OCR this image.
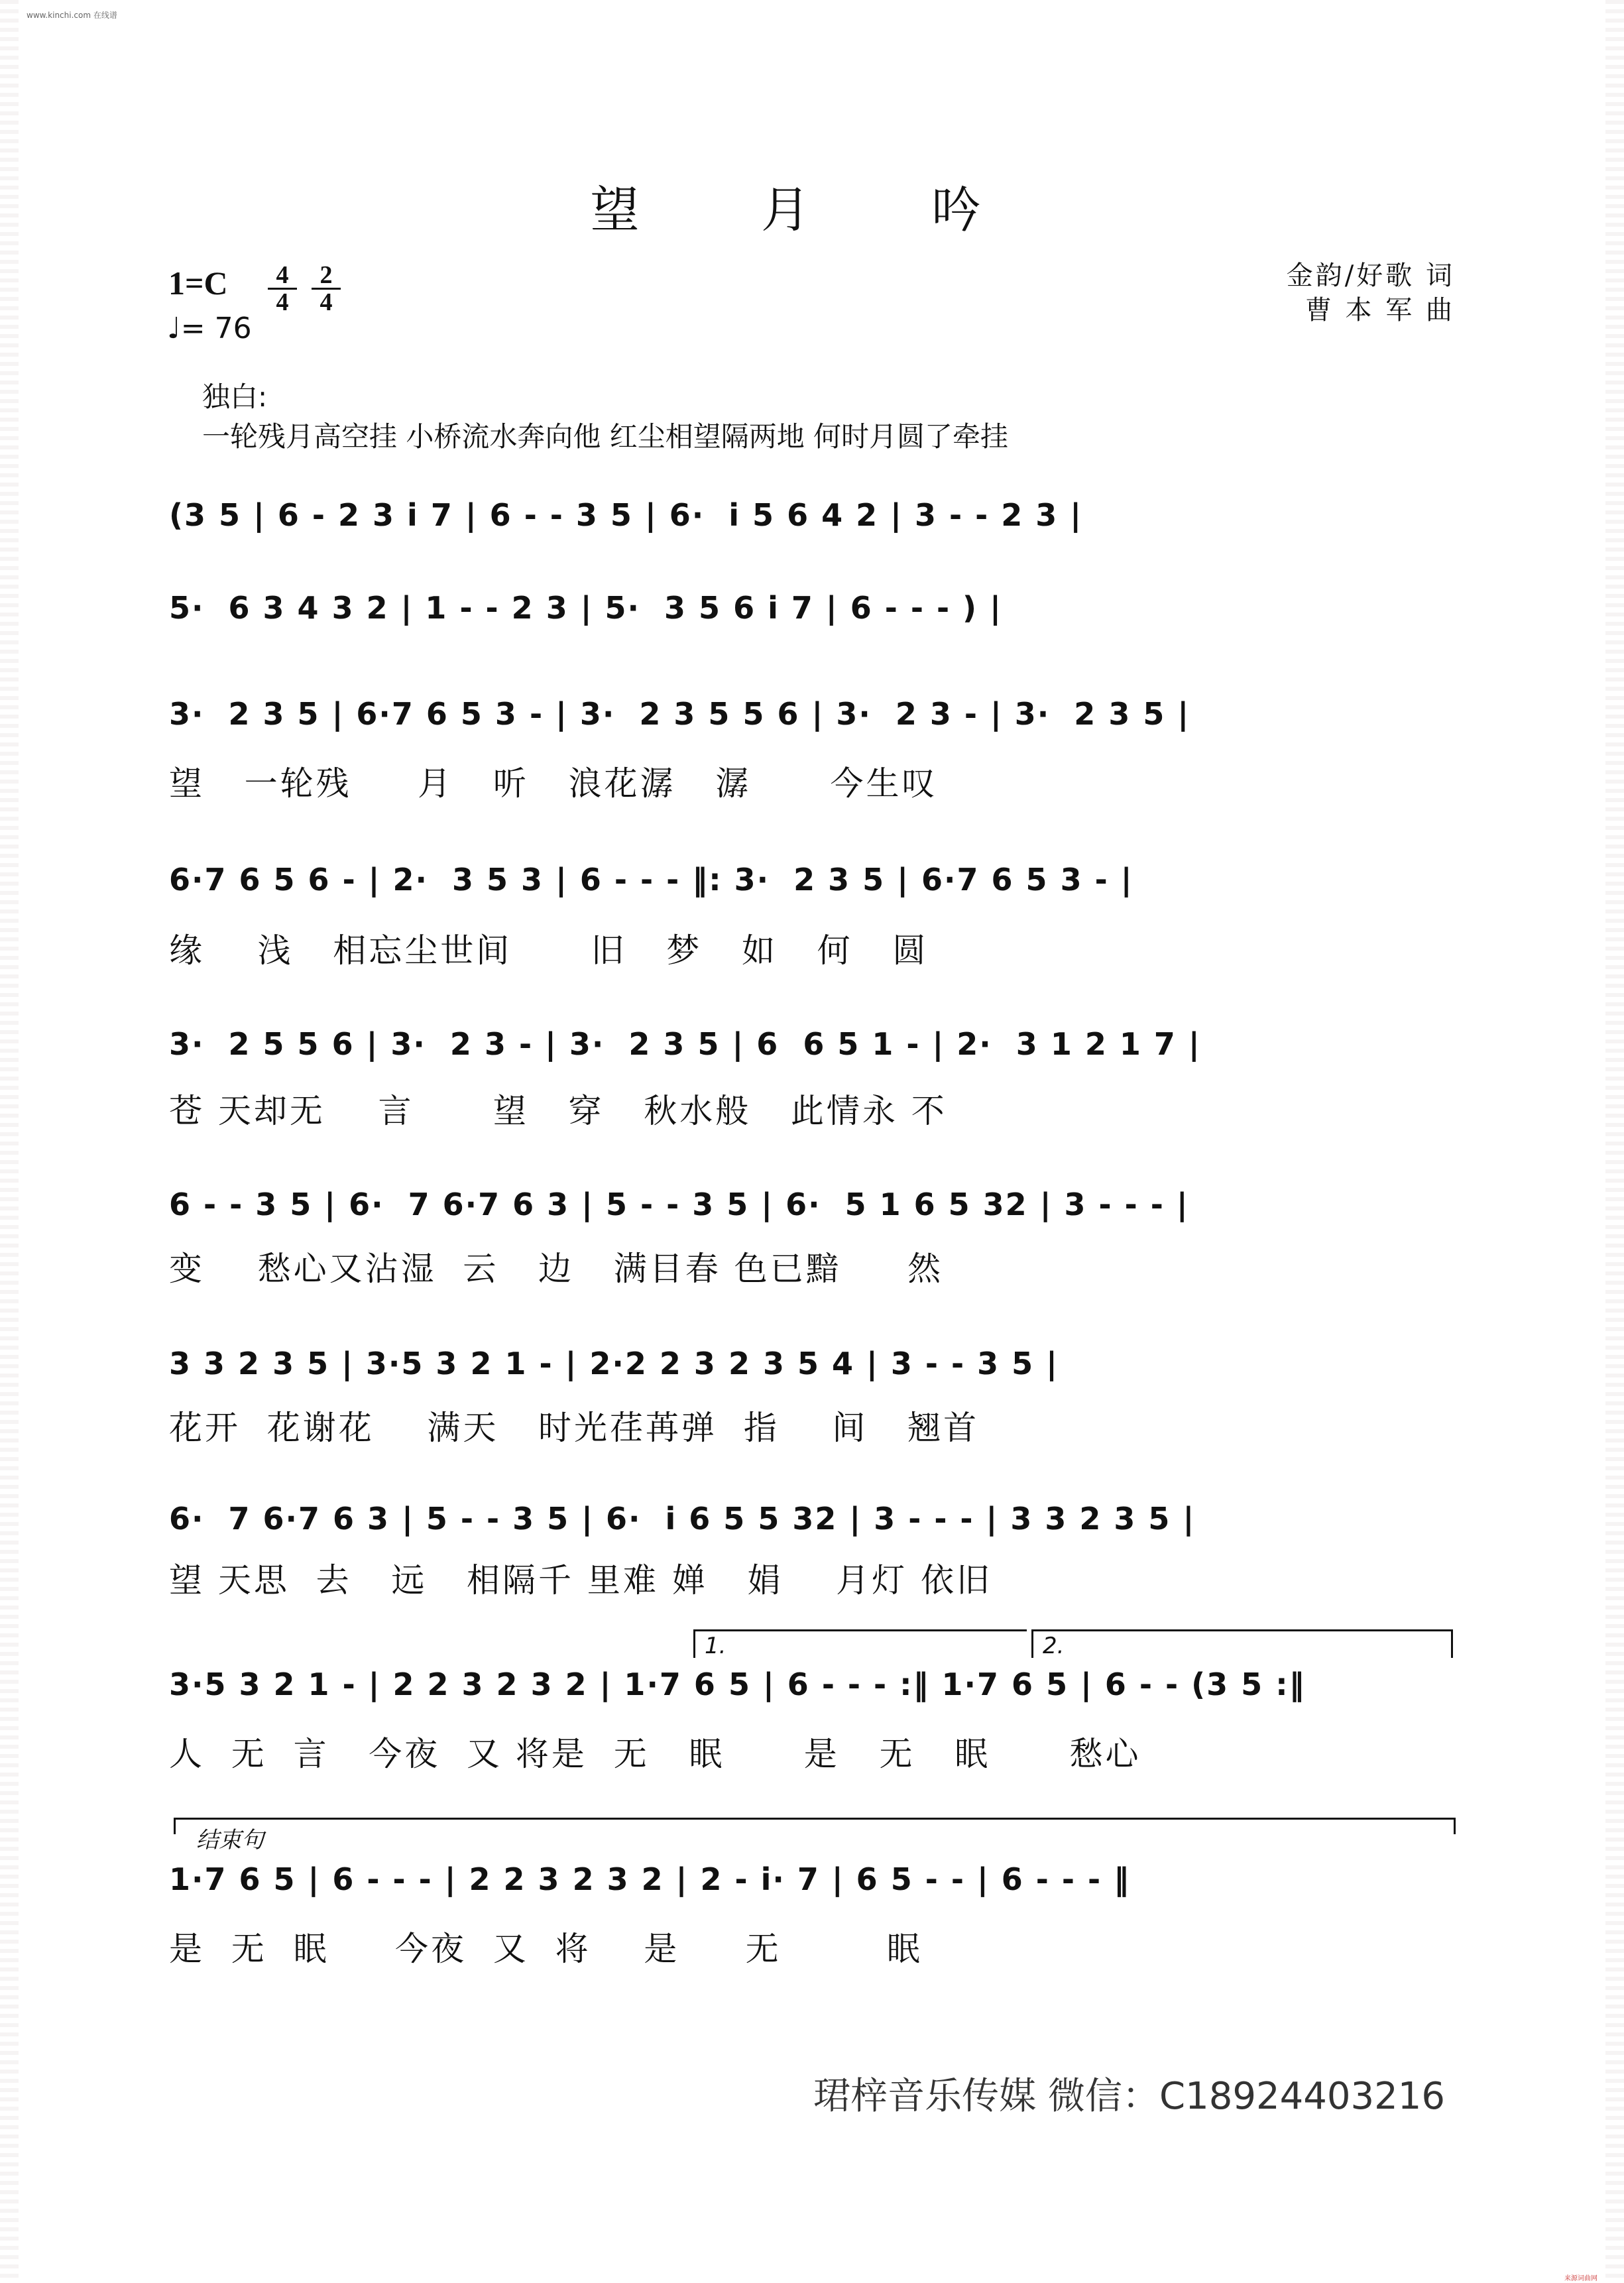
www.kinchi.com 在线谱
望 月 吟
$1=C \frac{4}{4} \frac{2}{4}$
♩= 76
金韵/好歌 词
曹 本 军 曲
独白:
一轮残月高空挂 小桥流水奔向他 红尘相望隔两地 何时月圆了牵挂
(3 5 | 6 - 2 3 i 7 | 6 - - 3 5 | 6·  i 5 6 4 2 | 3 - - 2 3 |
5·  6 3 4 3 2 | 1 - - 2 3 | 5·  3 5 6 i 7 | 6 - - - ) |
3·  2 3 5 | 6·7 6 5 3 - | 3·  2 3 5 5 6 | 3·  2 3 - | 3·  2 3 5 |
望   一轮残     月   听   浪花潺   潺      今生叹
6·7 6 5 6 - | 2·  3 5 3 | 6 - - - ‖: 3·  2 3 5 | 6·7 6 5 3 - |
缘    浅   相忘尘世间      旧   梦   如   何   圆
3·  2 5 5 6 | 3·  2 3 - | 3·  2 3 5 | 6  6 5 1 - | 2·  3 1 2 1 7 |
苍 天却无    言      望   穿   秋水般   此情永 不
6 - - 3 5 | 6·  7 6·7 6 3 | 5 - - 3 5 | 6·  5 1 6 5 32 | 3 - - - |
变    愁心又沾湿  云   边   满目春 色已黯     然
3 3 2 3 5 | 3·5 3 2 1 - | 2·2 2 3 2 3 5 4 | 3 - - 3 5 |
花开  花谢花    满天   时光荏苒弹  指    间   翘首
6·  7 6·7 6 3 | 5 - - 3 5 | 6·  i 6 5 5 32 | 3 - - - | 3 3 2 3 5 |
望 天思  去   远   相隔千 里难 婵   娟    月灯 依旧
1.	2.
3·5 3 2 1 - | 2 2 3 2 3 2 | 1·7 6 5 | 6 - - - :‖ 1·7 6 5 | 6 - - (3 5 :‖
人  无  言   今夜  又 将是  无   眠      是   无   眠      愁心
结束句
1·7 6 5 | 6 - - - | 2 2 3 2 3 2 | 2 - i· 7 | 6 5 - - | 6 - - - ‖
是  无  眠     今夜  又  将    是     无        眠
珺梓音乐传媒 微信：C18924403216
来源词曲网
